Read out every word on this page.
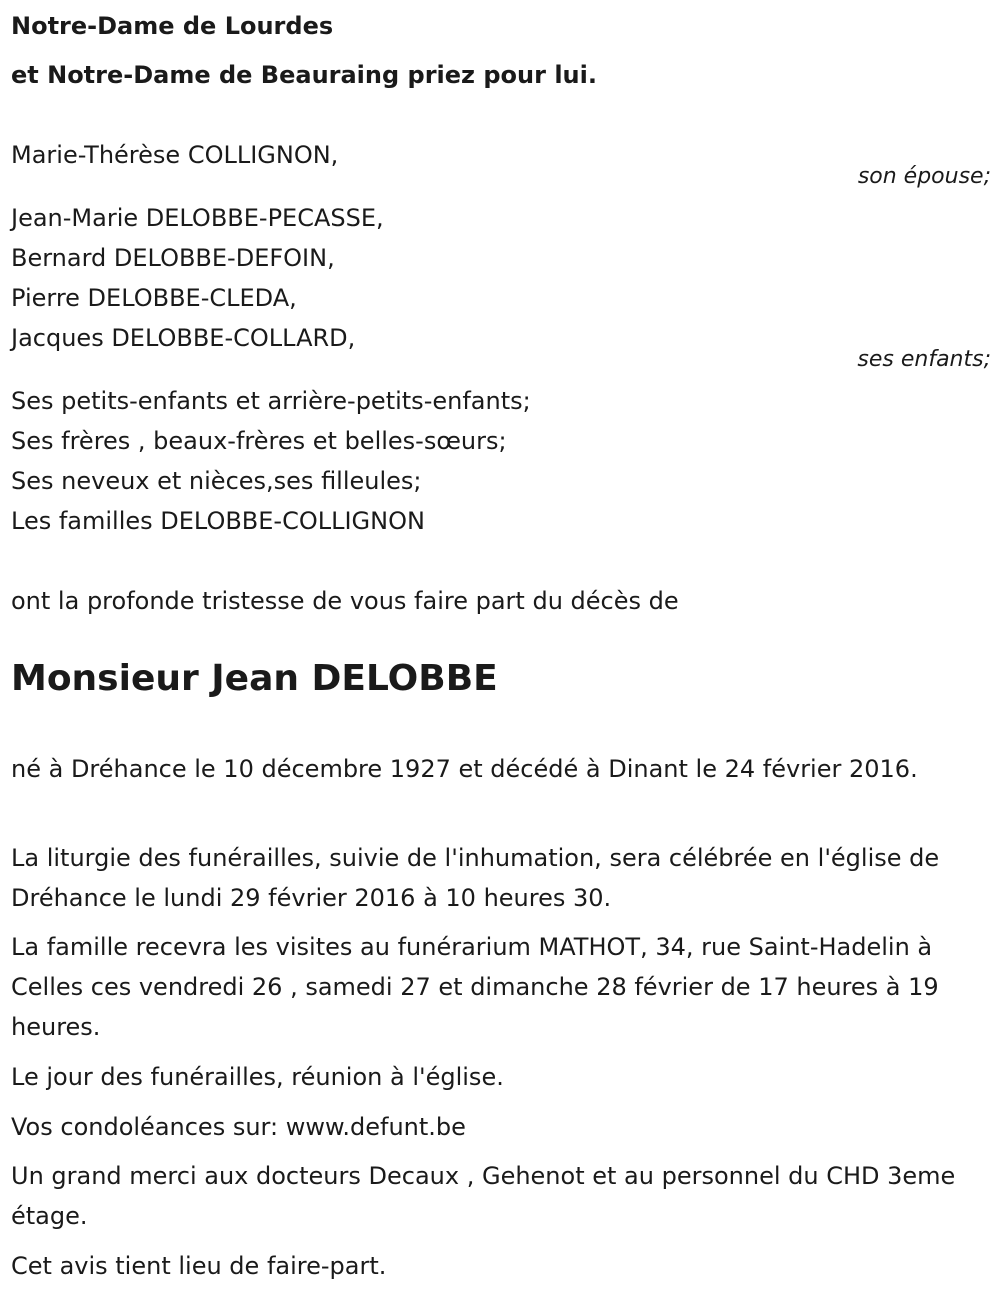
Notre-Dame de Lourdes
et Notre-Dame de Beauraing priez pour lui.
Marie-Thérèse COLLIGNON,
son épouse;
Jean-Marie DELOBBE-PECASSE,
Bernard DELOBBE-DEFOIN,
Pierre DELOBBE-CLEDA,
Jacques DELOBBE-COLLARD,
ses enfants;
Ses petits-enfants et arrière-petits-enfants;
Ses frères , beaux-frères et belles-sœurs;
Ses neveux et nièces,ses filleules;
Les familles DELOBBE-COLLIGNON
ont la profonde tristesse de vous faire part du décès de
Monsieur Jean DELOBBE
né à Dréhance le 10 décembre 1927 et décédé à Dinant le 24 février 2016.
La liturgie des funérailles, suivie de l'inhumation, sera célébrée en l'église de Dréhance le lundi 29 février 2016 à 10 heures 30.
La famille recevra les visites au funérarium MATHOT, 34, rue Saint-Hadelin à Celles ces vendredi 26 , samedi 27 et dimanche 28 février de 17 heures à 19 heures.
Le jour des funérailles, réunion à l'église.
Vos condoléances sur: www.defunt.be
Un grand merci aux docteurs Decaux , Gehenot et au personnel du CHD 3eme étage.
Cet avis tient lieu de faire-part.
